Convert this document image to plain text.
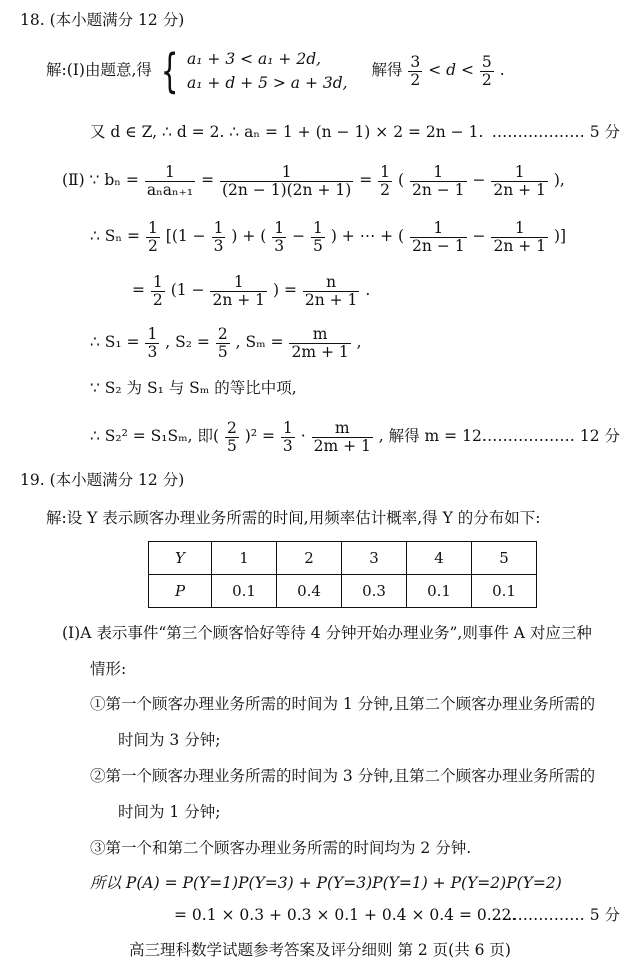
18. (本小题满分 12 分)
解:(Ⅰ)由题意,得 { a₁ + 3 < a₁ + 2d,
a₁ + d + 5 > a + 3d,
解得 $\frac{3}{2} < d < \frac{5}{2}$ .
又 d ∈ Z, ∴ d = 2. ∴ aₙ = 1 + (n − 1) × 2 = 2n − 1. ……………… 5 分
(Ⅱ) ∵ $b_n = \frac{1}{\text{aₙaₙ₊₁}} = \frac{1}{(2n - 1)(2n + 1)} = \frac{1}{2}$ ( $\frac{1}{2n - 1} - \frac{1}{2n + 1}$ ),
∴ $S_n = \frac{1}{2} [(1 - \frac{1}{3}$ ) + ( $\frac{1}{3} - \frac{1}{5}$ ) + ⋯ + ( $\frac{1}{2n - 1} - \frac{1}{2n + 1}$ )]
= $\frac{1}{2} (1 - \frac{1}{2n + 1}$ ) = $\frac{n}{2n + 1}$ .
∴ $S_1 = \frac{1}{3}$ , $S_2 = \frac{2}{5}$ , $S_m = \frac{m}{2m + 1}$ ,
∵ S₂ 为 S₁ 与 Sₘ 的等比中项,
∴ S₂² = S₁Sₘ, 即( $\frac{2}{5} )^2 = \frac{1}{3} \cdot \frac{m}{2m + 1}$ , 解得 m = 12.
……………… 12 分
19. (本小题满分 12 分)
解:设 Y 表示顾客办理业务所需的时间,用频率估计概率,得 Y 的分布如下:
Y	1	2	3	4	5
P	0.1	0.4	0.3	0.1	0.1
(Ⅰ)A 表示事件“第三个顾客恰好等待 4 分钟开始办理业务”,则事件 A 对应三种
情形:
①第一个顾客办理业务所需的时间为 1 分钟,且第二个顾客办理业务所需的
时间为 3 分钟;
②第一个顾客办理业务所需的时间为 3 分钟,且第二个顾客办理业务所需的
时间为 1 分钟;
③第一个和第二个顾客办理业务所需的时间均为 2 分钟.
所以 P(A) = P(Y=1)P(Y=3) + P(Y=3)P(Y=1) + P(Y=2)P(Y=2)
= 0.1 × 0.3 + 0.3 × 0.1 + 0.4 × 0.4 = 0.22.
……………… 5 分
高三理科数学试题参考答案及评分细则 第 2 页(共 6 页)
